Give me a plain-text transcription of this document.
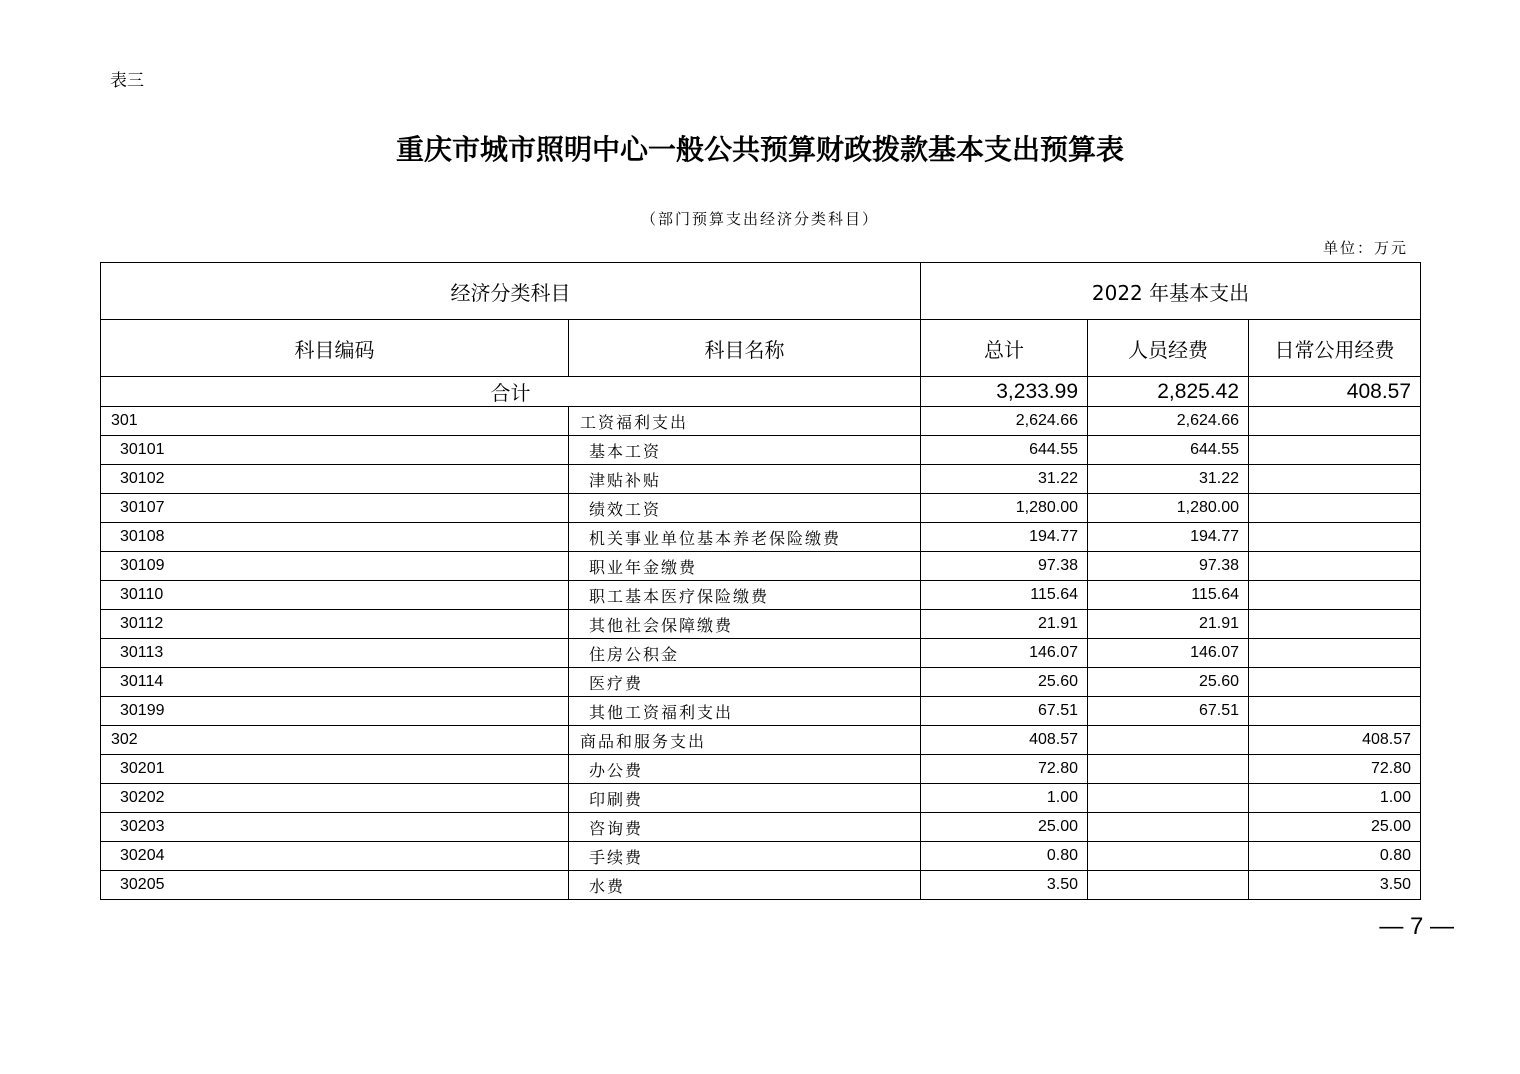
表三
重庆市城市照明中心一般公共预算财政拨款基本支出预算表
（部门预算支出经济分类科目）
单位：万元
经济分类科目		2022 年基本支出		
科目编码	科目名称	总计	人员经费	日常公用经费
合计		3,233.99	2,825.42	408.57
301	工资福利支出	2,624.66	2,624.66	
30101	基本工资	644.55	644.55	
30102	津贴补贴	31.22	31.22	
30107	绩效工资	1,280.00	1,280.00	
30108	机关事业单位基本养老保险缴费	194.77	194.77	
30109	职业年金缴费	97.38	97.38	
30110	职工基本医疗保险缴费	115.64	115.64	
30112	其他社会保障缴费	21.91	21.91	
30113	住房公积金	146.07	146.07	
30114	医疗费	25.60	25.60	
30199	其他工资福利支出	67.51	67.51	
302	商品和服务支出	408.57		408.57
30201	办公费	72.80		72.80
30202	印刷费	1.00		1.00
30203	咨询费	25.00		25.00
30204	手续费	0.80		0.80
30205	水费	3.50		3.50
— 7 —
